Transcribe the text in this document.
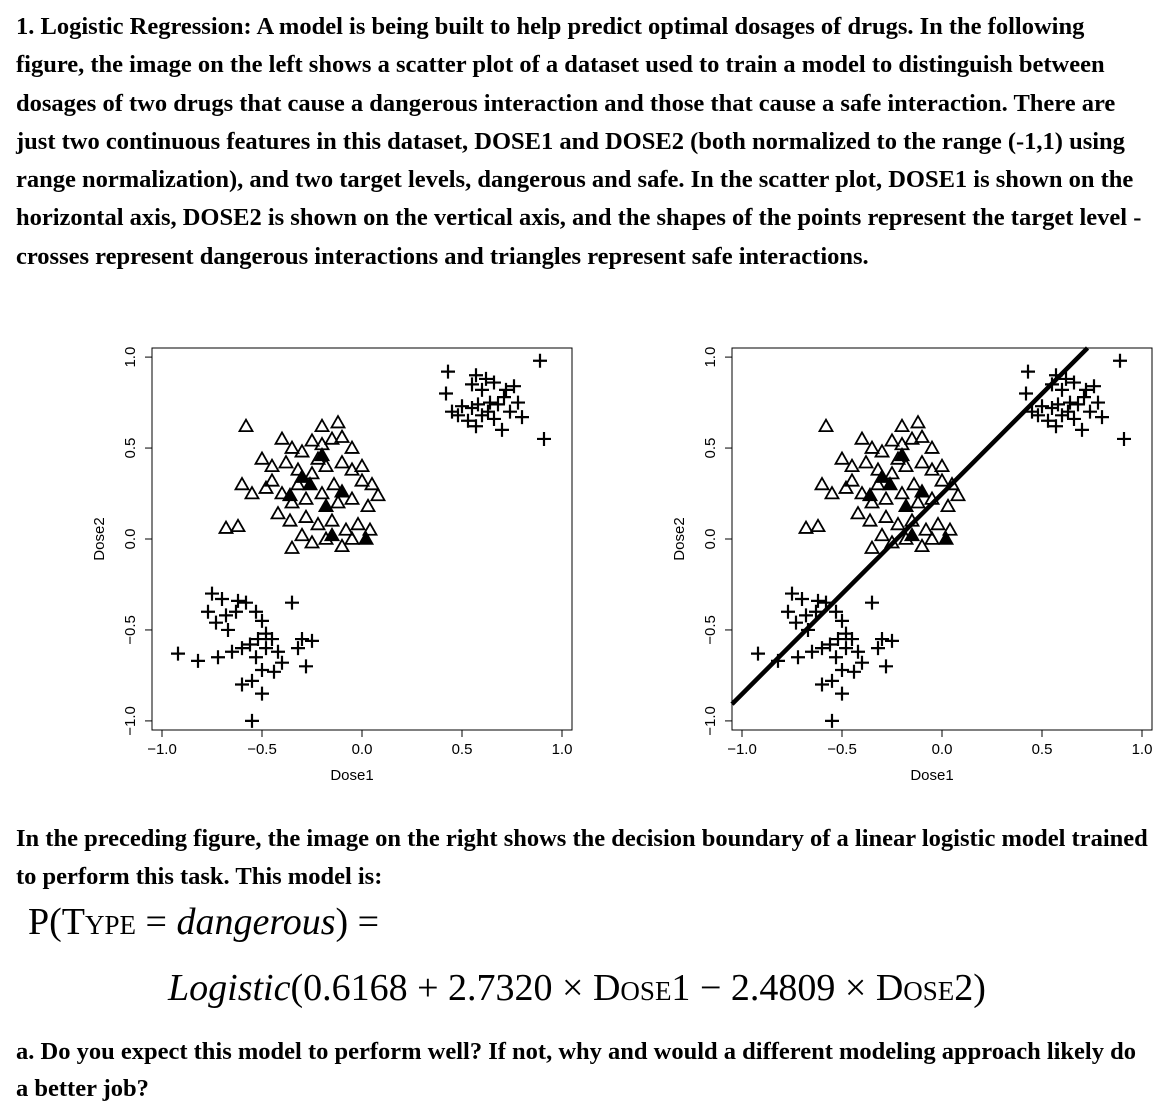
1. Logistic Regression: A model is being built to help predict optimal dosages of drugs. In the following figure, the image on the left shows a scatter plot of a dataset used to train a model to distinguish between dosages of two drugs that cause a dangerous interaction and those that cause a safe interaction. There are just two continuous features in this dataset, DOSE1 and DOSE2 (both normalized to the range (-1,1) using range normalization), and two target levels, dangerous and safe. In the scatter plot, DOSE1 is shown on the horizontal axis, DOSE2 is shown on the vertical axis, and the shapes of the points represent the target level - crosses represent dangerous interactions and triangles represent safe interactions.
−1.0	−0.5	0.0	0.5	1.0
−1.0
−0.5
0.0
0.5
1.0
Dose1
Dose2
−1.0	−0.5	0.0	0.5	1.0
−1.0
−0.5
0.0
0.5
1.0
Dose1
Dose2
In the preceding figure, the image on the right shows the decision boundary of a linear logistic model trained to perform this task. This model is:
P(Type = dangerous) =
Logistic(0.6168 + 2.7320 × Dose1 − 2.4809 × Dose2)
a. Do you expect this model to perform well? If not, why and would a different modeling approach likely do a better job?
